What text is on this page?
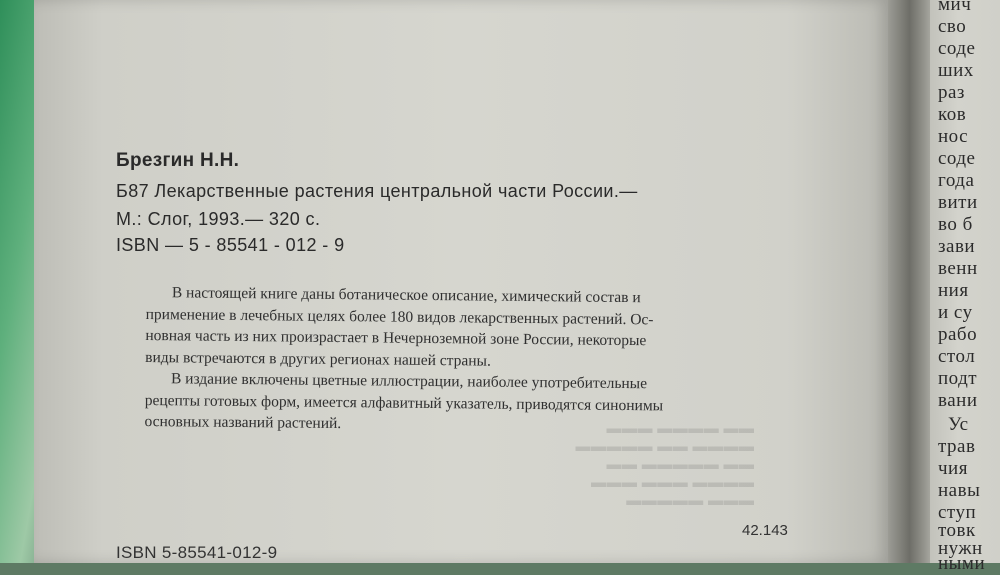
▬▬ ▬▬▬▬ ▬▬▬
▬▬▬▬ ▬▬ ▬▬▬▬▬
▬▬ ▬▬▬▬▬ ▬▬
▬▬▬▬ ▬▬▬ ▬▬▬
▬▬▬ ▬▬▬▬▬
Брезгин Н.Н.
Б87 Лекарственные растения центральной части России.—
М.: Слог, 1993.— 320 с.
ISBN — 5 - 85541 - 012 - 9

В настоящей книге даны ботаническое описание, химический состав и

применение в лечебных целях более 180 видов лекарственных растений. Ос-

новная часть из них произрастает в Нечерноземной зоне России, некоторые

виды встречаются в других регионах нашей страны.

В издание включены цветные иллюстрации, наиболее употребительные

рецепты готовых форм, имеется алфавитный указатель, приводятся синонимы

основных названий растений.

42.143
ISBN 5-85541-012-9
мич
сво
соде
ших
раз
ков
нос
соде
года
вити
во б
зави
венн
ния
и су
рабо
стол
подт
вани
Ус
трав
чия
навы
ступ
товк
нужн
ными
